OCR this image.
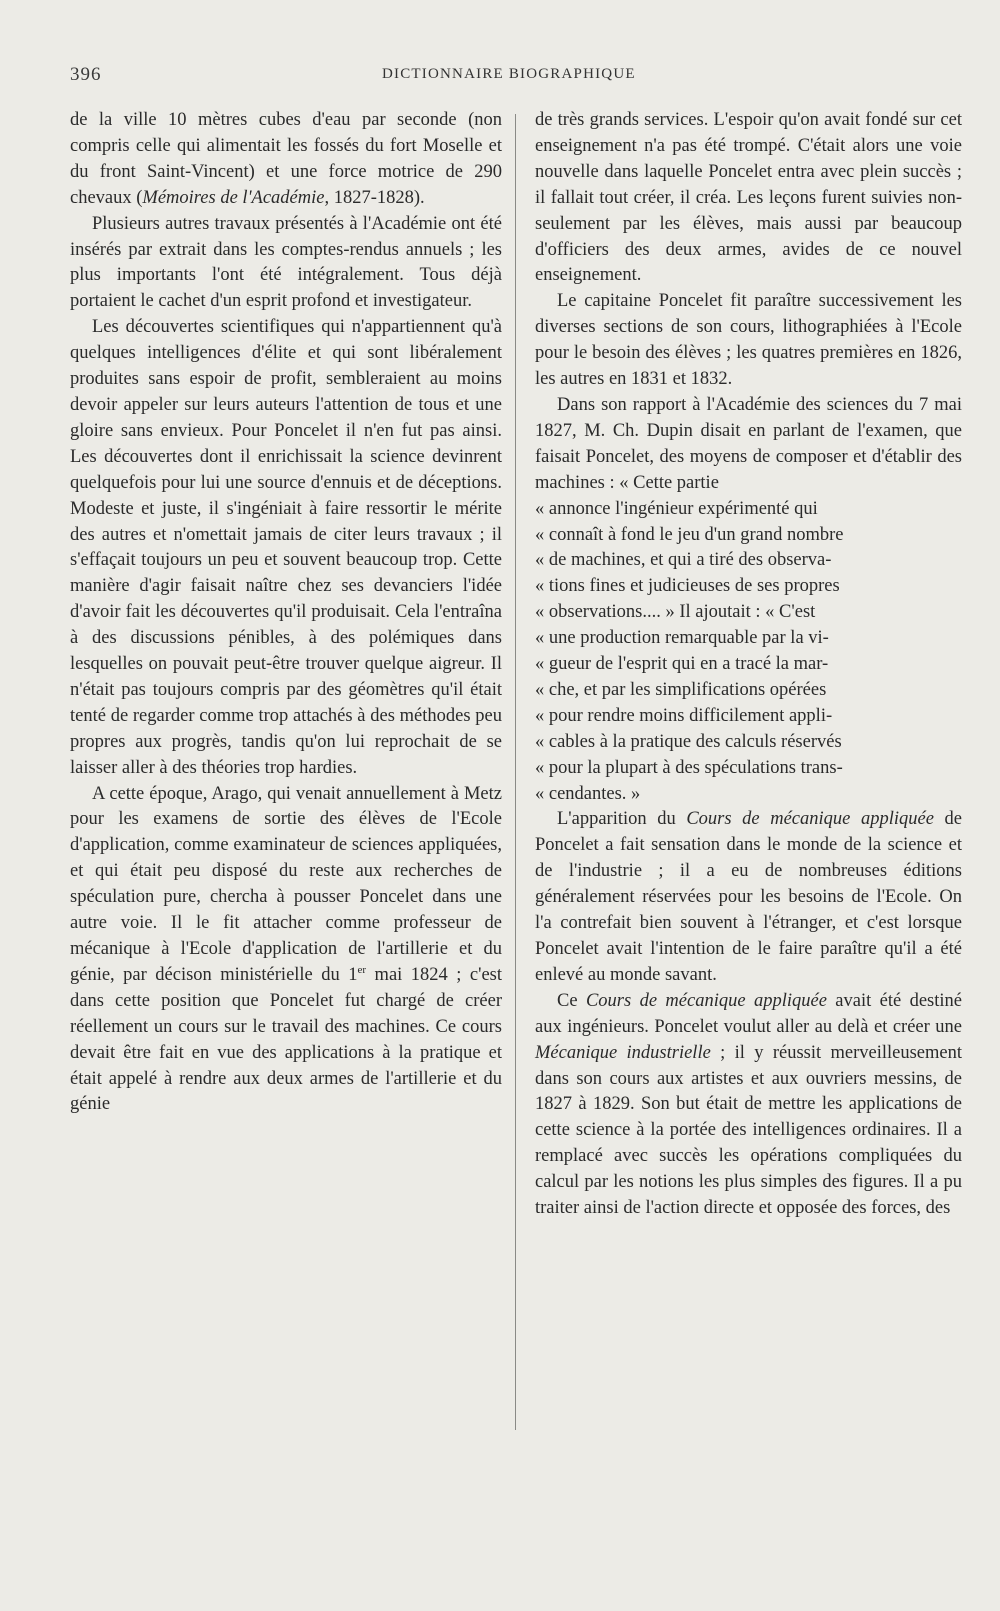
396	DICTIONNAIRE BIOGRAPHIQUE

de la ville 10 mètres cubes d'eau par seconde (non compris celle qui alimentait les fossés du fort Moselle et du front Saint-Vincent) et une force motrice de 290 chevaux (Mémoires de l'Académie, 1827-1828).

Plusieurs autres travaux présentés à l'Académie ont été insérés par extrait dans les comptes-rendus annuels ; les plus importants l'ont été intégralement. Tous déjà portaient le cachet d'un esprit profond et investigateur.

Les découvertes scientifiques qui n'appartiennent qu'à quelques intelligences d'élite et qui sont libéralement produites sans espoir de profit, sembleraient au moins devoir appeler sur leurs auteurs l'attention de tous et une gloire sans envieux. Pour Poncelet il n'en fut pas ainsi. Les découvertes dont il enrichissait la science devinrent quelquefois pour lui une source d'ennuis et de déceptions. Modeste et juste, il s'ingéniait à faire ressortir le mérite des autres et n'omettait jamais de citer leurs travaux ; il s'effaçait toujours un peu et souvent beaucoup trop. Cette manière d'agir faisait naître chez ses devanciers l'idée d'avoir fait les découvertes qu'il produisait. Cela l'entraîna à des discussions pénibles, à des polémiques dans lesquelles on pouvait peut-être trouver quelque aigreur. Il n'était pas toujours compris par des géomètres qu'il était tenté de regarder comme trop attachés à des méthodes peu propres aux progrès, tandis qu'on lui reprochait de se laisser aller à des théories trop hardies.

A cette époque, Arago, qui venait annuellement à Metz pour les examens de sortie des élèves de l'Ecole d'application, comme examinateur de sciences appliquées, et qui était peu disposé du reste aux recherches de spéculation pure, chercha à pousser Poncelet dans une autre voie. Il le fit attacher comme professeur de mécanique à l'Ecole d'application de l'artillerie et du génie, par décison ministérielle du 1er mai 1824 ; c'est dans cette position que Poncelet fut chargé de créer réellement un cours sur le travail des machines. Ce cours devait être fait en vue des applications à la pratique et était appelé à rendre aux deux armes de l'artillerie et du génie

de très grands services. L'espoir qu'on avait fondé sur cet enseignement n'a pas été trompé. C'était alors une voie nouvelle dans laquelle Poncelet entra avec plein succès ; il fallait tout créer, il créa. Les leçons furent suivies non-seulement par les élèves, mais aussi par beaucoup d'officiers des deux armes, avides de ce nouvel enseignement.

Le capitaine Poncelet fit paraître successivement les diverses sections de son cours, lithographiées à l'Ecole pour le besoin des élèves ; les quatres premières en 1826, les autres en 1831 et 1832.

Dans son rapport à l'Académie des sciences du 7 mai 1827, M. Ch. Dupin disait en parlant de l'examen, que faisait Poncelet, des moyens de composer et d'établir des machines : « Cette partie

« annonce l'ingénieur expérimenté qui
« connaît à fond le jeu d'un grand nombre
« de machines, et qui a tiré des observa-
« tions fines et judicieuses de ses propres
« observations.... » Il ajoutait : « C'est
« une production remarquable par la vi-
« gueur de l'esprit qui en a tracé la mar-
« che, et par les simplifications opérées
« pour rendre moins difficilement appli-
« cables à la pratique des calculs réservés
« pour la plupart à des spéculations trans-
« cendantes. »

L'apparition du Cours de mécanique appliquée de Poncelet a fait sensation dans le monde de la science et de l'industrie ; il a eu de nombreuses éditions généralement réservées pour les besoins de l'Ecole. On l'a contrefait bien souvent à l'étranger, et c'est lorsque Poncelet avait l'intention de le faire paraître qu'il a été enlevé au monde savant.

Ce Cours de mécanique appliquée avait été destiné aux ingénieurs. Poncelet voulut aller au delà et créer une Mécanique industrielle ; il y réussit merveilleusement dans son cours aux artistes et aux ouvriers messins, de 1827 à 1829. Son but était de mettre les applications de cette science à la portée des intelligences ordinaires. Il a remplacé avec succès les opérations compliquées du calcul par les notions les plus simples des figures. Il a pu traiter ainsi de l'action directe et opposée des forces, des
